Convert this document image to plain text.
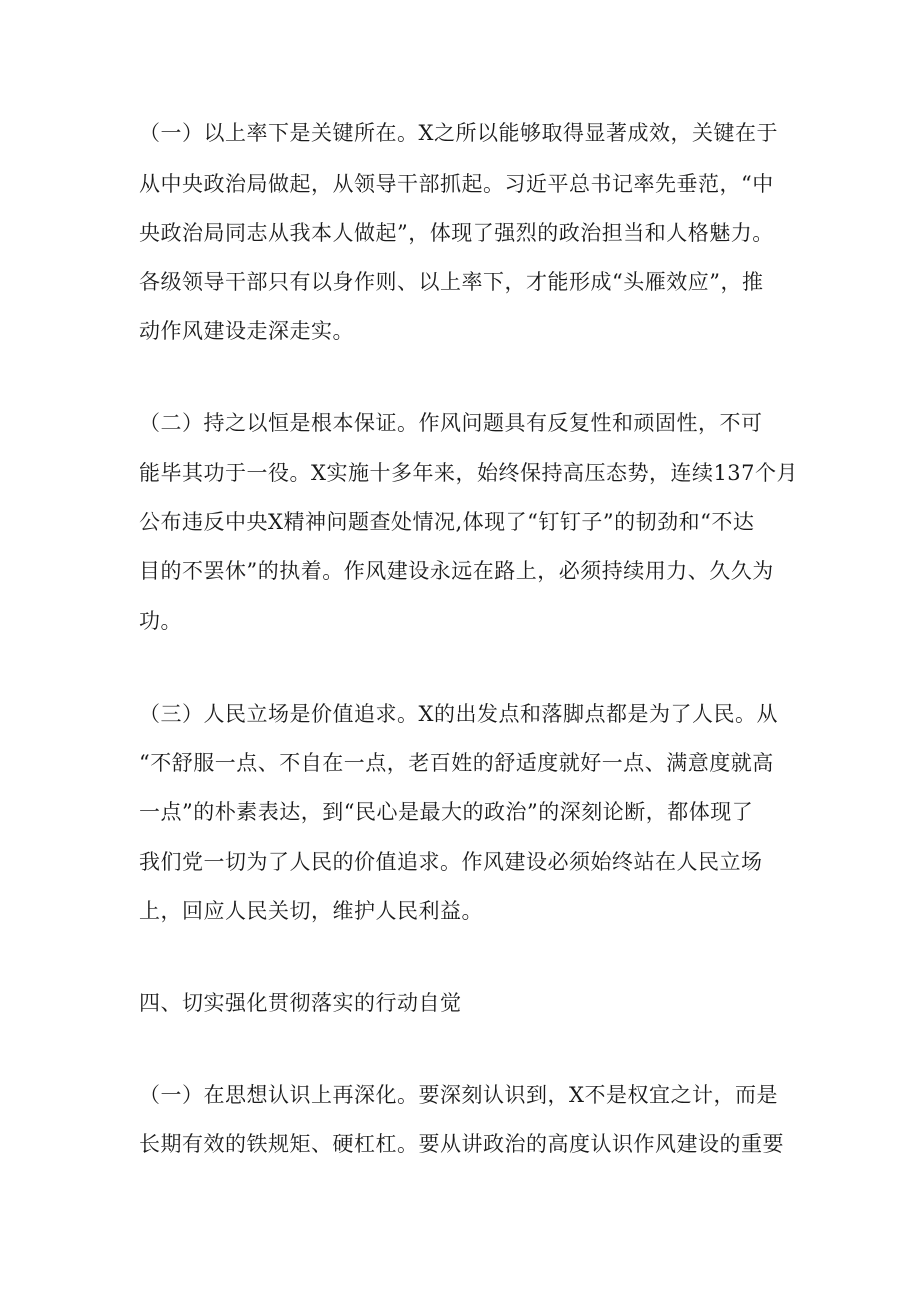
（一）以上率下是关键所在。X之所以能够取得显著成效，关键在于
从中央政治局做起，从领导干部抓起。习近平总书记率先垂范，“中
央政治局同志从我本人做起”，体现了强烈的政治担当和人格魅力。
各级领导干部只有以身作则、以上率下，才能形成“头雁效应”，推
动作风建设走深走实。
（二）持之以恒是根本保证。作风问题具有反复性和顽固性，不可
能毕其功于一役。X实施十多年来，始终保持高压态势，连续137个月
公布违反中央X精神问题查处情况,体现了“钉钉子”的韧劲和“不达
目的不罢休”的执着。作风建设永远在路上，必须持续用力、久久为
功。
（三）人民立场是价值追求。X的出发点和落脚点都是为了人民。从
“不舒服一点、不自在一点，老百姓的舒适度就好一点、满意度就高
一点”的朴素表达，到“民心是最大的政治”的深刻论断，都体现了
我们党一切为了人民的价值追求。作风建设必须始终站在人民立场
上，回应人民关切，维护人民利益。
四、切实强化贯彻落实的行动自觉
（一）在思想认识上再深化。要深刻认识到，X不是权宜之计，而是
长期有效的铁规矩、硬杠杠。要从讲政治的高度认识作风建设的重要
